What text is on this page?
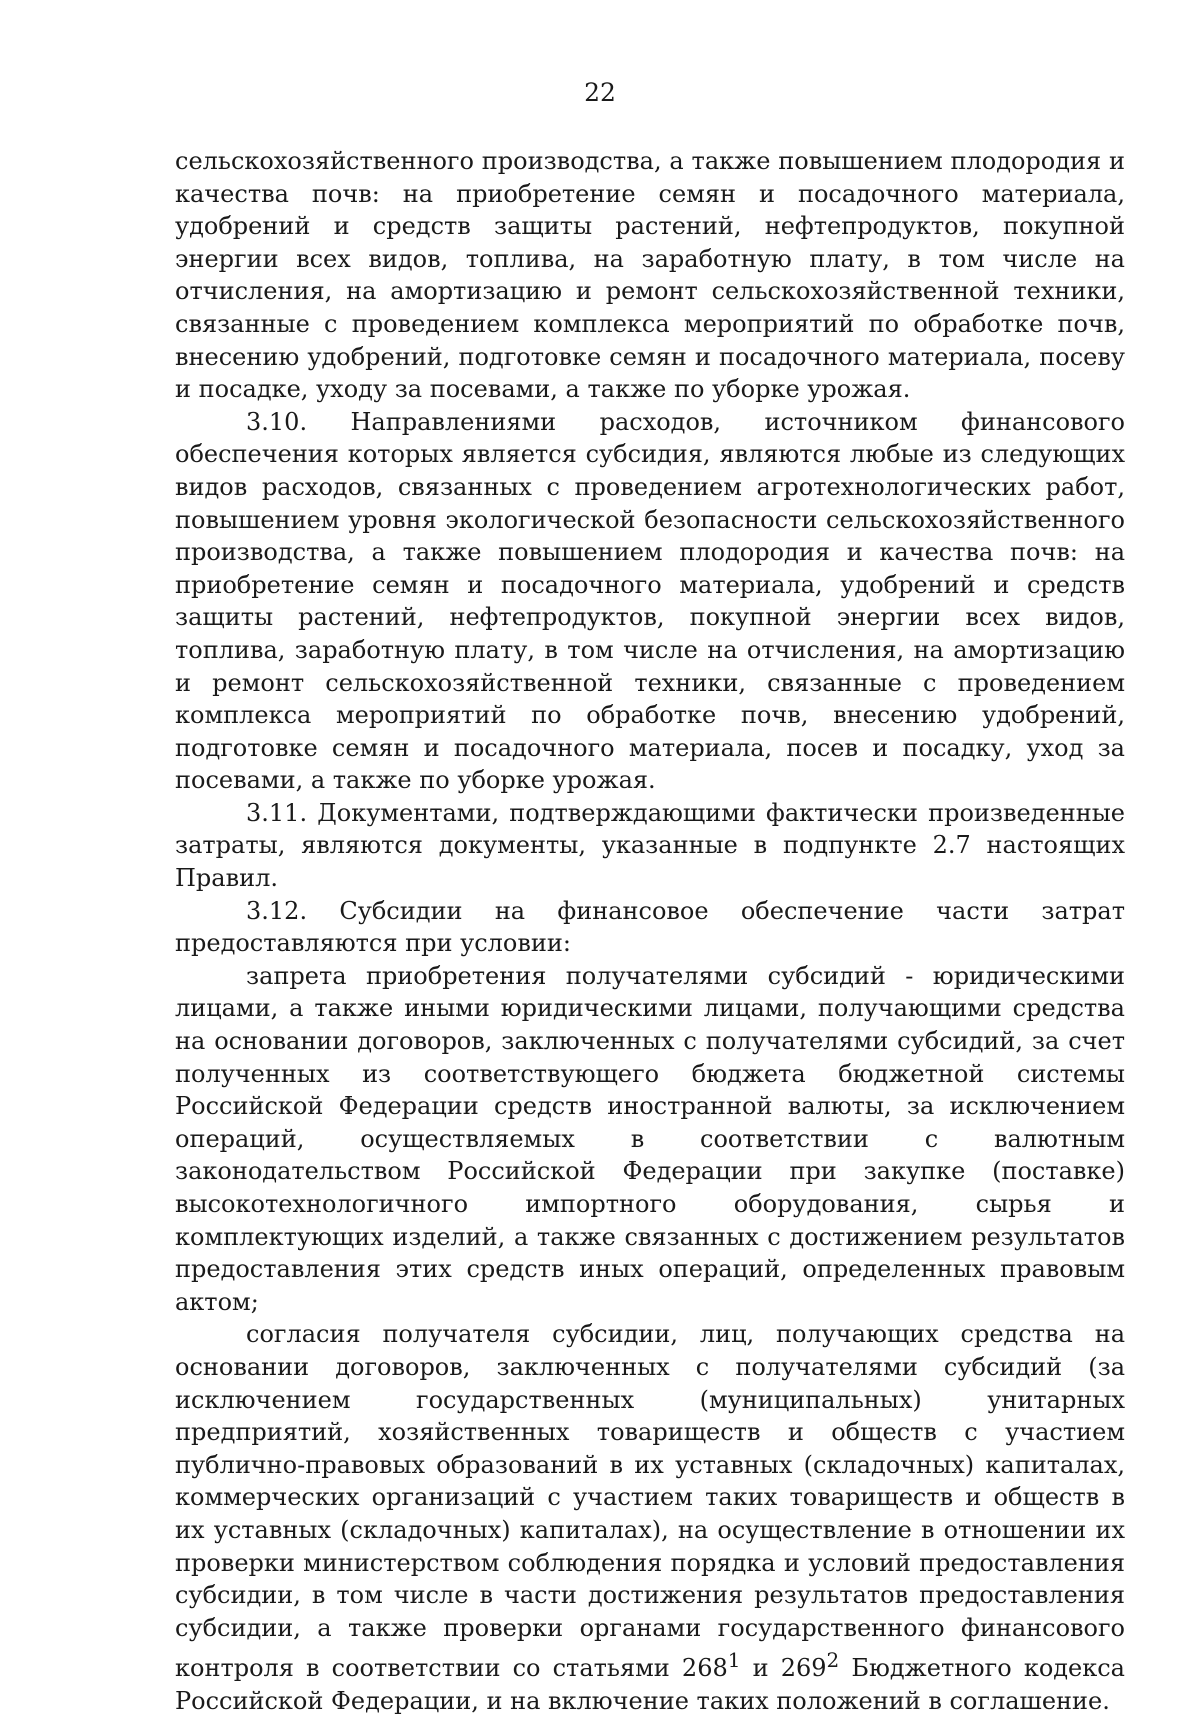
22

сельскохозяйственного производства, а также повышением плодородия и качества почв: на приобретение семян и посадочного материала, удобрений и средств защиты растений, нефтепродуктов, покупной энергии всех видов, топлива, на заработную плату, в том числе на отчисления, на амортизацию и ремонт сельскохозяйственной техники, связанные с проведением комплекса мероприятий по обработке почв, внесению удобрений, подготовке семян и посадочного материала, посеву и посадке, уходу за посевами, а также по уборке урожая.

3.10. Направлениями расходов, источником финансового обеспечения которых является субсидия, являются любые из следующих видов расходов, связанных с проведением агротехнологических работ, повышением уровня экологической безопасности сельскохозяйственного производства, а также повышением плодородия и качества почв: на приобретение семян и посадочного материала, удобрений и средств защиты растений, нефтепродуктов, покупной энергии всех видов, топлива, заработную плату, в том числе на отчисления, на амортизацию и ремонт сельскохозяйственной техники, связанные с проведением комплекса мероприятий по обработке почв, внесению удобрений, подготовке семян и посадочного материала, посев и посадку, уход за посевами, а также по уборке урожая.

3.11. Документами, подтверждающими фактически произведенные затраты, являются документы, указанные в подпункте 2.7 настоящих Правил.

3.12. Субсидии на финансовое обеспечение части затрат предоставляются при условии:

запрета приобретения получателями субсидий - юридическими лицами, а также иными юридическими лицами, получающими средства на основании договоров, заключенных с получателями субсидий, за счет полученных из соответствующего бюджета бюджетной системы Российской Федерации средств иностранной валюты, за исключением операций, осуществляемых в соответствии с валютным законодательством Российской Федерации при закупке (поставке) высокотехнологичного импортного оборудования, сырья и комплектующих изделий, а также связанных с достижением результатов предоставления этих средств иных операций, определенных правовым актом;

согласия получателя субсидии, лиц, получающих средства на основании договоров, заключенных с получателями субсидий (за исключением государственных (муниципальных) унитарных предприятий, хозяйственных товариществ и обществ с участием публично-правовых образований в их уставных (складочных) капиталах, коммерческих организаций с участием таких товариществ и обществ в их уставных (складочных) капиталах), на осуществление в отношении их проверки министерством соблюдения порядка и условий предоставления субсидии, в том числе в части достижения результатов предоставления субсидии, а также проверки органами государственного финансового контроля в соответствии со статьями $268^1$ и $269^2$ Бюджетного кодекса Российской Федерации, и на включение таких положений в соглашение.
